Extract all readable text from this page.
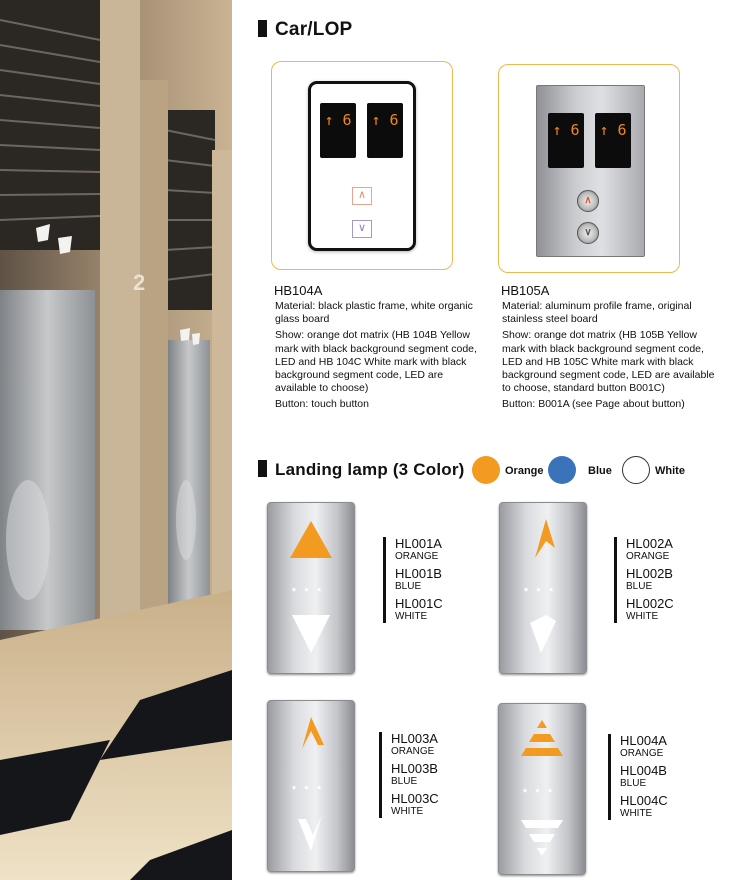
2
Car/LOP
↑ 6 ↑ 6
∧
∨
↑ 6 ↑ 6
∧
∨
HB104A

Material: black plastic frame, white organic glass board

Show: orange dot matrix (HB 104B Yellow mark with black background segment code, LED and HB 104C White mark with black background segment code, LED are available to choose)

Button: touch button

HB105A

Material: aluminum profile frame, original stainless steel board

Show: orange dot matrix (HB 105B Yellow mark with black background segment code, LED and HB 105C White mark with black background segment code, LED are available to choose, standard button B001C)

Button: B001A (see Page about button)

Landing lamp (3 Color)	Orange	Blue	White
•••
HL001A
ORANGE
HL001B
BLUE
HL001C
WHITE
•••
HL002A
ORANGE
HL002B
BLUE
HL002C
WHITE
•••
HL003A
ORANGE
HL003B
BLUE
HL003C
WHITE
•••
HL004A
ORANGE
HL004B
BLUE
HL004C
WHITE
